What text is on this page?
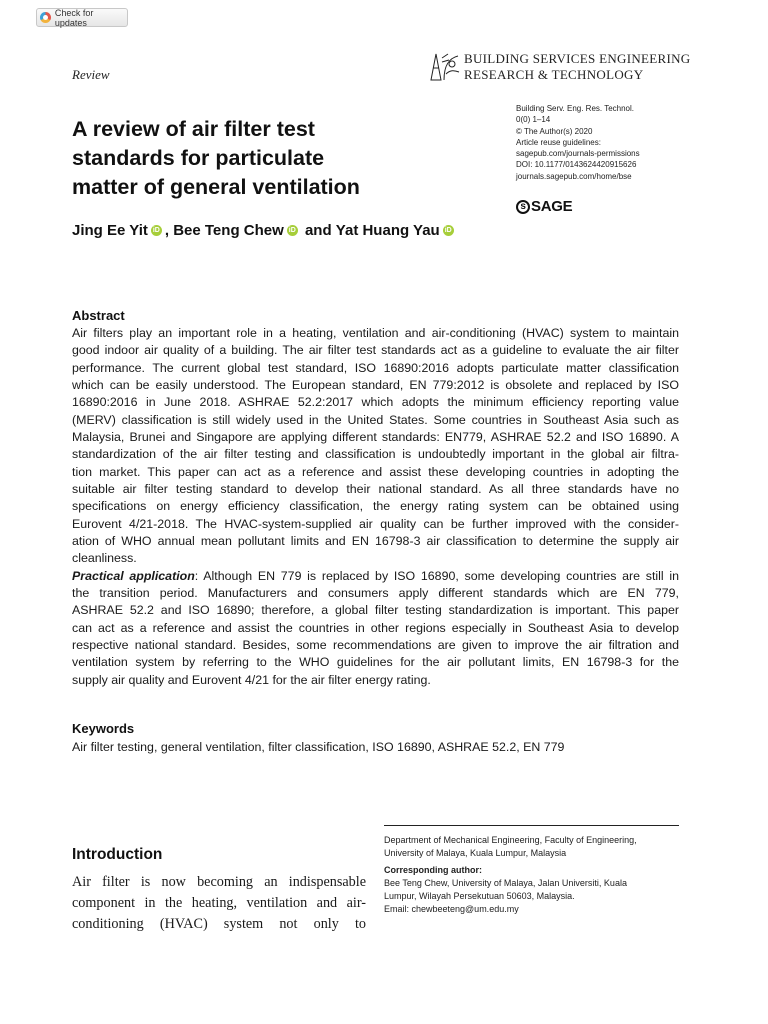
Check for updates
Review
BUILDING SERVICES ENGINEERING
RESEARCH & TECHNOLOGY
Building Serv. Eng. Res. Technol.
0(0) 1–14
© The Author(s) 2020
Article reuse guidelines:
sagepub.com/journals-permissions
DOI: 10.1177/0143624420915626
journals.sagepub.com/home/bse
s SAGE
A review of air filter test
standards for particulate
matter of general ventilation
Jing Ee Yit iD , Bee Teng Chew iD and Yat Huang Yau iD
Abstract
Air filters play an important role in a heating, ventilation and air-conditioning (HVAC) system to maintain
good indoor air quality of a building. The air filter test standards act as a guideline to evaluate the air filter
performance. The current global test standard, ISO 16890:2016 adopts particulate matter classification
which can be easily understood. The European standard, EN 779:2012 is obsolete and replaced by ISO
16890:2016 in June 2018. ASHRAE 52.2:2017 which adopts the minimum efficiency reporting value
(MERV) classification is still widely used in the United States. Some countries in Southeast Asia such as
Malaysia, Brunei and Singapore are applying different standards: EN779, ASHRAE 52.2 and ISO 16890. A
standardization of the air filter testing and classification is undoubtedly important in the global air filtra-
tion market. This paper can act as a reference and assist these developing countries in adopting the
suitable air filter testing standard to develop their national standard. As all three standards have no
specifications on energy efficiency classification, the energy rating system can be obtained using
Eurovent 4/21-2018. The HVAC-system-supplied air quality can be further improved with the consider-
ation of WHO annual mean pollutant limits and EN 16798-3 air classification to determine the supply air
cleanliness.
Practical application: Although EN 779 is replaced by ISO 16890, some developing countries are still in
the transition period. Manufacturers and consumers apply different standards which are EN 779,
ASHRAE 52.2 and ISO 16890; therefore, a global filter testing standardization is important. This paper
can act as a reference and assist the countries in other regions especially in Southeast Asia to develop
respective national standard. Besides, some recommendations are given to improve the air filtration and
ventilation system by referring to the WHO guidelines for the air pollutant limits, EN 16798-3 for the
supply air quality and Eurovent 4/21 for the air filter energy rating.
Keywords
Air filter testing, general ventilation, filter classification, ISO 16890, ASHRAE 52.2, EN 779
Introduction
Air filter is now becoming an indispensable
component in the heating, ventilation and air-
conditioning (HVAC) system not only to
Department of Mechanical Engineering, Faculty of Engineering,
University of Malaya, Kuala Lumpur, Malaysia
Corresponding author:
Bee Teng Chew, University of Malaya, Jalan Universiti, Kuala
Lumpur, Wilayah Persekutuan 50603, Malaysia.
Email: chewbeeteng@um.edu.my
